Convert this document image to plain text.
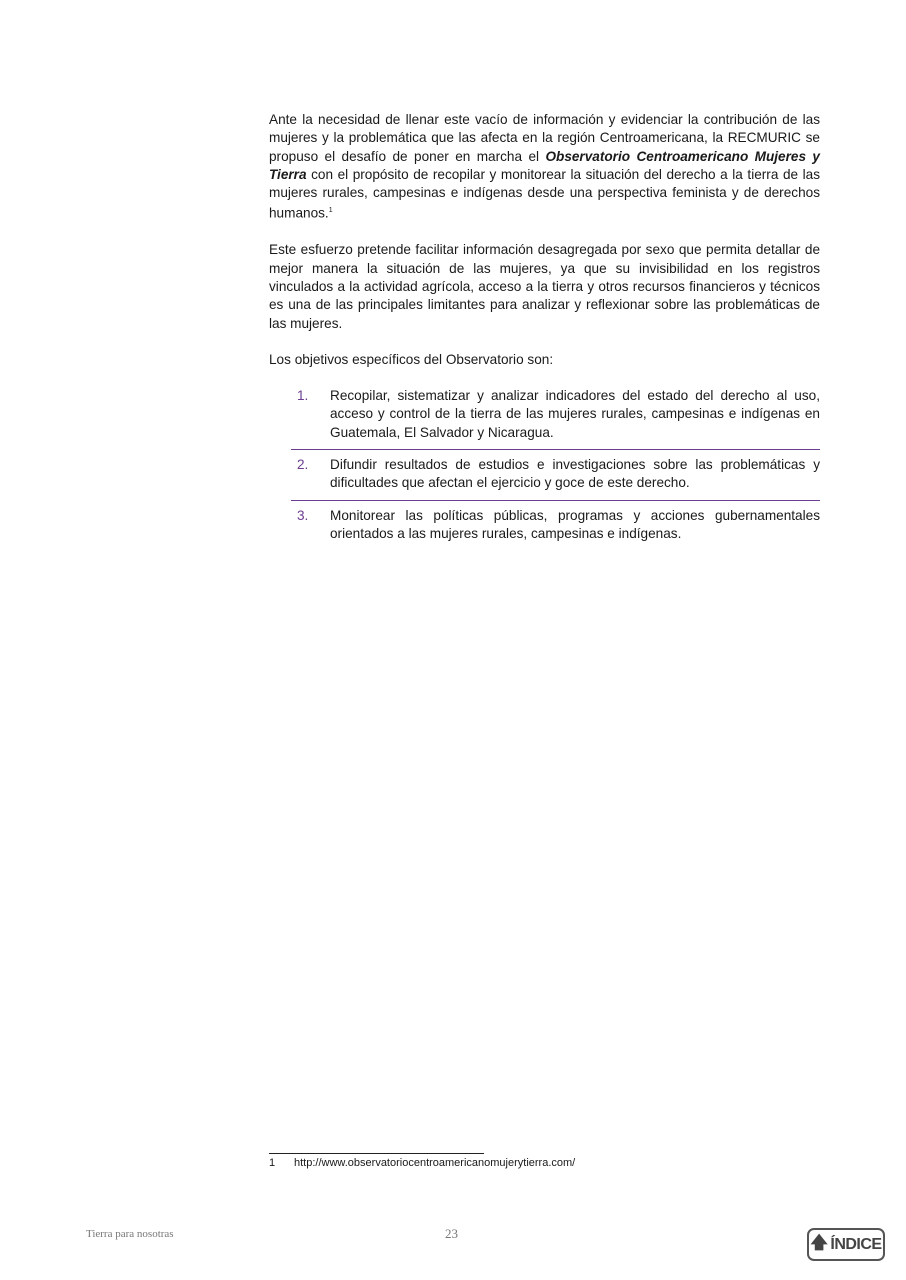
Ante la necesidad de llenar este vacío de información y evidenciar la contribución de las mujeres y la problemática que las afecta en la región Centroamericana, la RECMURIC se propuso el desafío de poner en marcha el Observatorio Centroamericano Mujeres y Tierra con el propósito de recopilar y monitorear la situación del derecho a la tierra de las mujeres rurales, campesinas e indígenas desde una perspectiva feminista y de derechos humanos.$^1$

Este esfuerzo pretende facilitar información desagregada por sexo que permita detallar de mejor manera la situación de las mujeres, ya que su invisibilidad en los registros vinculados a la actividad agrícola, acceso a la tierra y otros recursos financieros y técnicos es una de las principales limitantes para analizar y reflexionar sobre las problemáticas de las mujeres.

Los objetivos específicos del Observatorio son:

1.	Recopilar, sistematizar y analizar indicadores del estado del derecho al uso, acceso y control de la tierra de las mujeres rurales, campesinas e indígenas en Guatemala, El Salvador y Nicaragua.
2.	Difundir resultados de estudios e investigaciones sobre las problemáticas y dificultades que afectan el ejercicio y goce de este derecho.
3.	Monitorear las políticas públicas, programas y acciones gubernamentales orientados a las mujeres rurales, campesinas e indígenas.
1 http://www.observatoriocentroamericanomujerytierra.com/
Tierra para nosotras	23	🡅 ÍNDICE
